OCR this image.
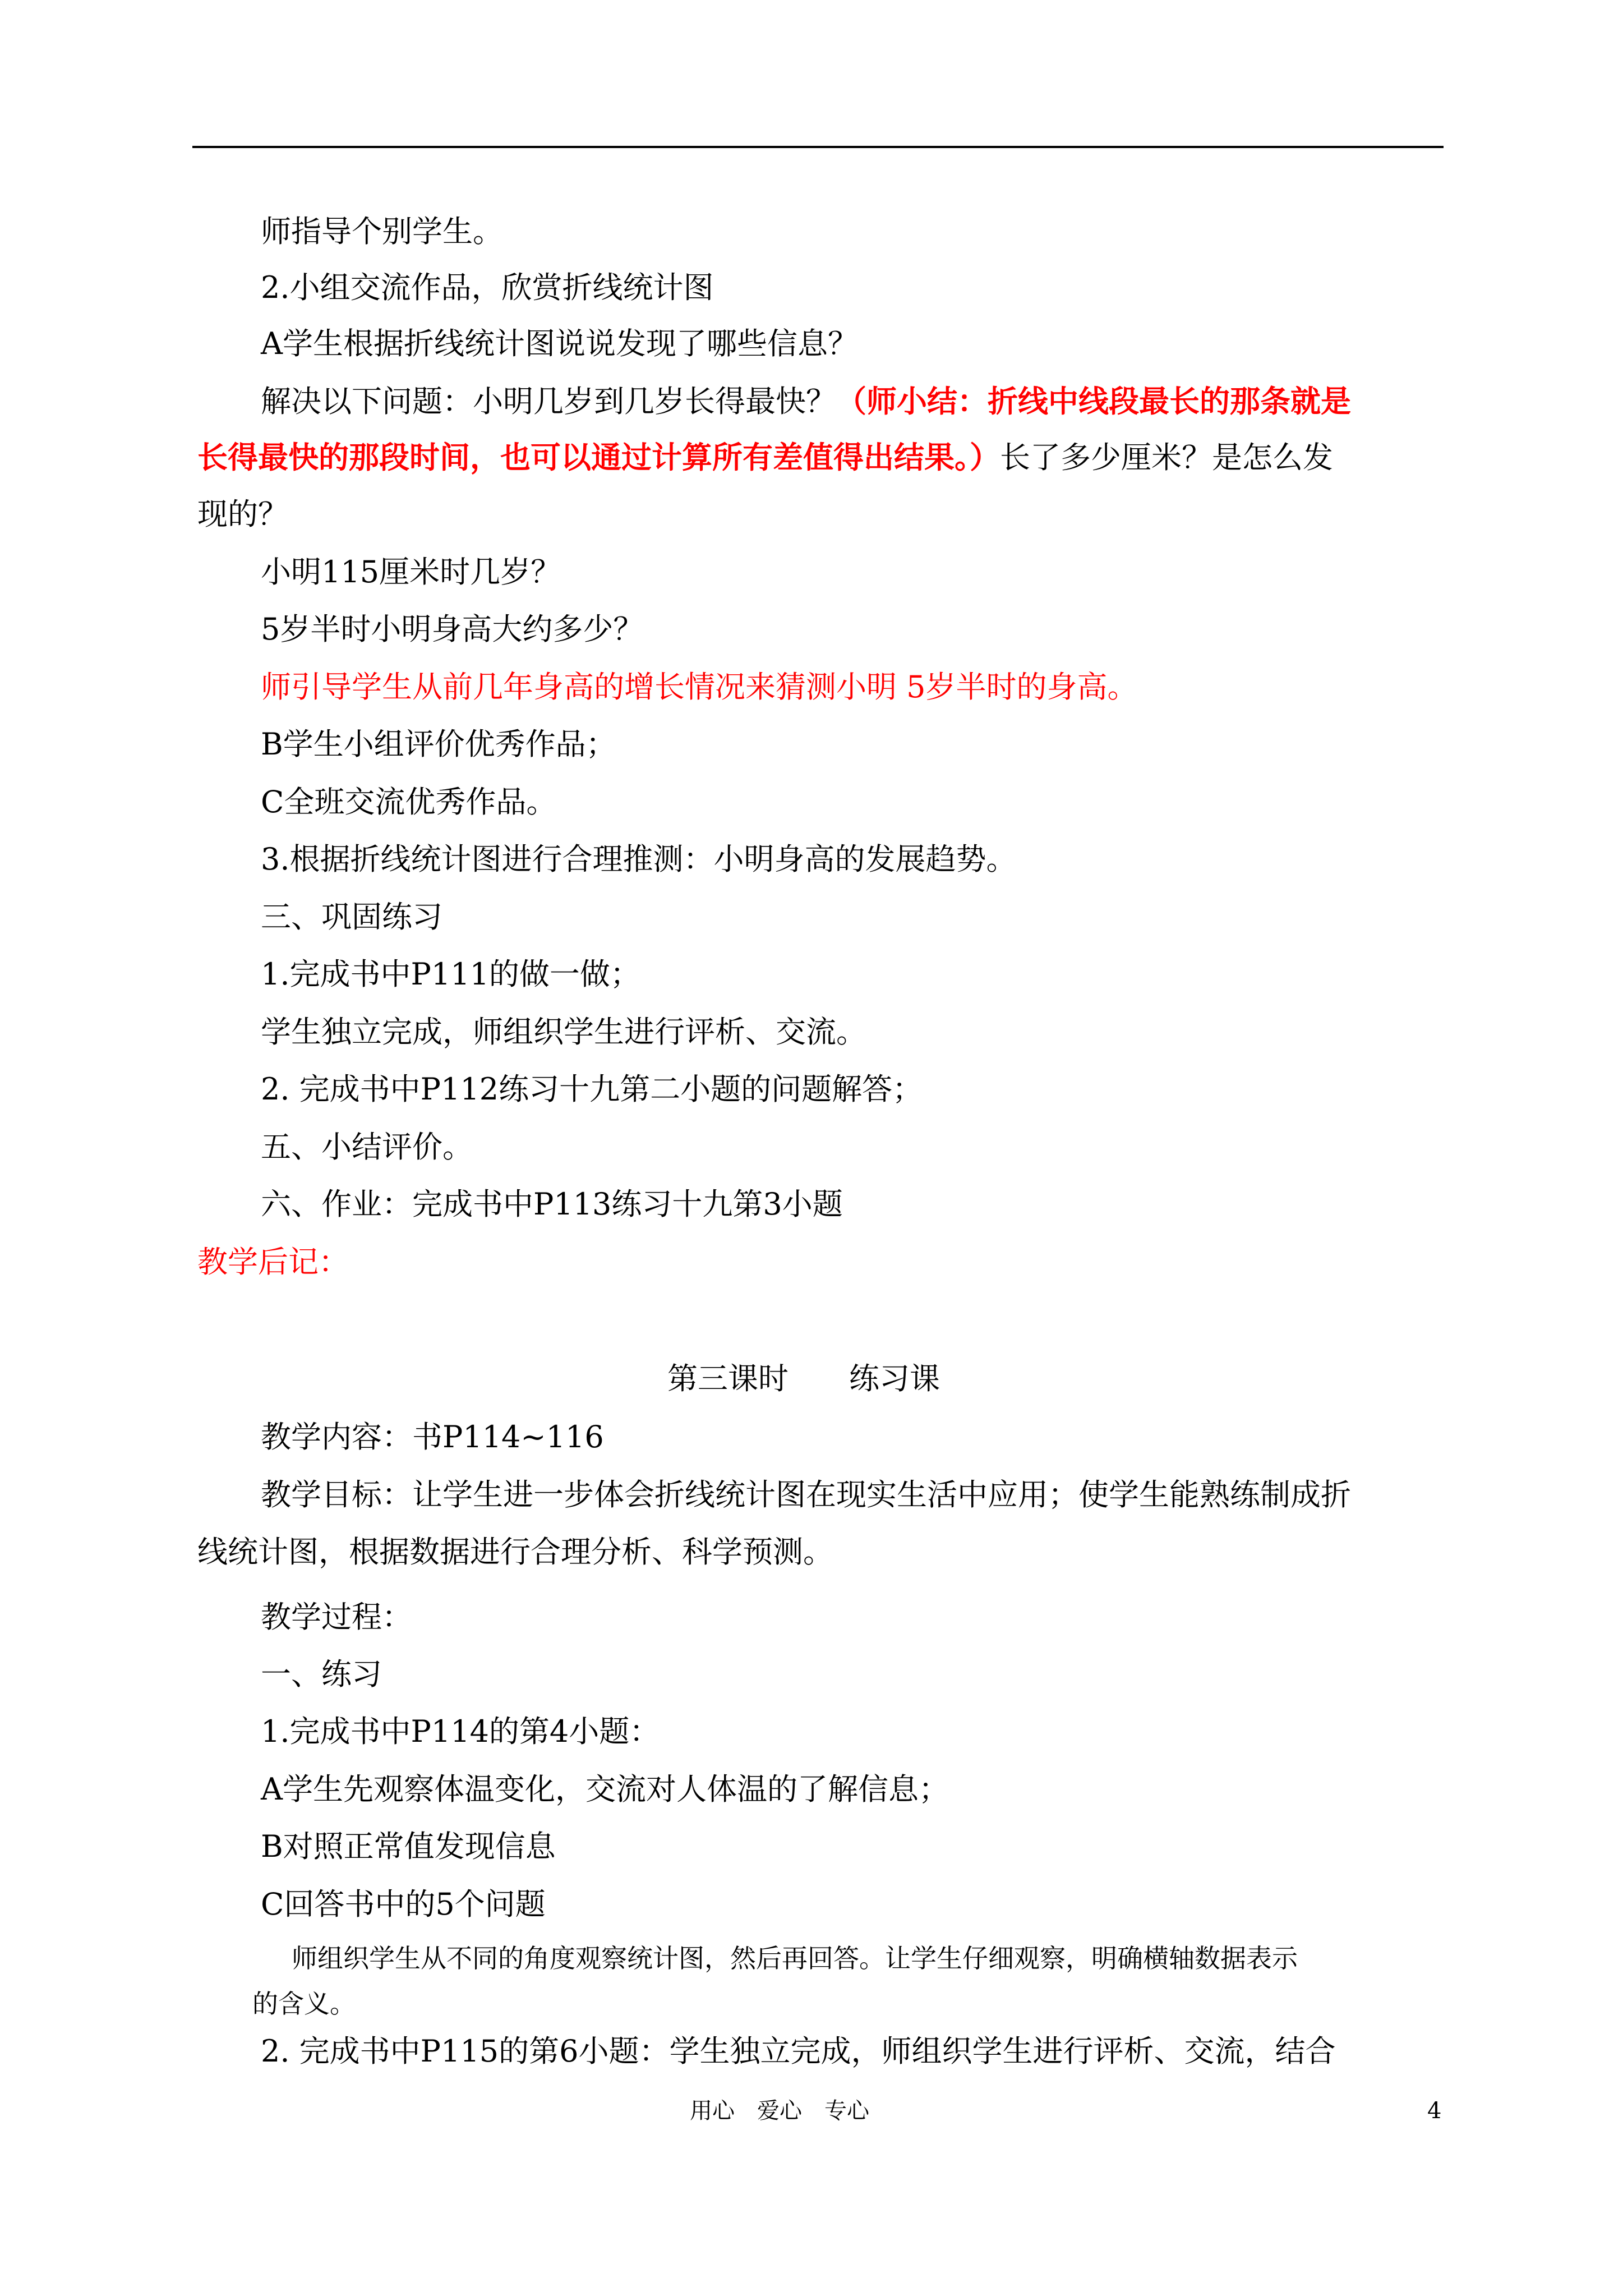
师指导个别学生。
2.小组交流作品，欣赏折线统计图
A学生根据折线统计图说说发现了哪些信息？
解决以下问题：小明几岁到几岁长得最快？（师小结：折线中线段最长的那条就是
长得最快的那段时间，也可以通过计算所有差值得出结果。）长了多少厘米？是怎么发
现的？
小明115厘米时几岁？
5岁半时小明身高大约多少？
师引导学生从前几年身高的增长情况来猜测小明 5岁半时的身高。
B学生小组评价优秀作品；
C全班交流优秀作品。
3.根据折线统计图进行合理推测：小明身高的发展趋势。
三、巩固练习
1.完成书中P111的做一做；
学生独立完成，师组织学生进行评析、交流。
2. 完成书中P112练习十九第二小题的问题解答；
五、小结评价。
六、作业：完成书中P113练习十九第3小题
教学后记：
第三课时　　练习课
教学内容：书P114~116
教学目标：让学生进一步体会折线统计图在现实生活中应用；使学生能熟练制成折
线统计图，根据数据进行合理分析、科学预测。
教学过程：
一、练习
1.完成书中P114的第4小题：
A学生先观察体温变化，交流对人体温的了解信息；
B对照正常值发现信息
C回答书中的5个问题
师组织学生从不同的角度观察统计图，然后再回答。让学生仔细观察，明确横轴数据表示
的含义。
2. 完成书中P115的第6小题：学生独立完成，师组织学生进行评析、交流，结合
用心　爱心　专心	4
